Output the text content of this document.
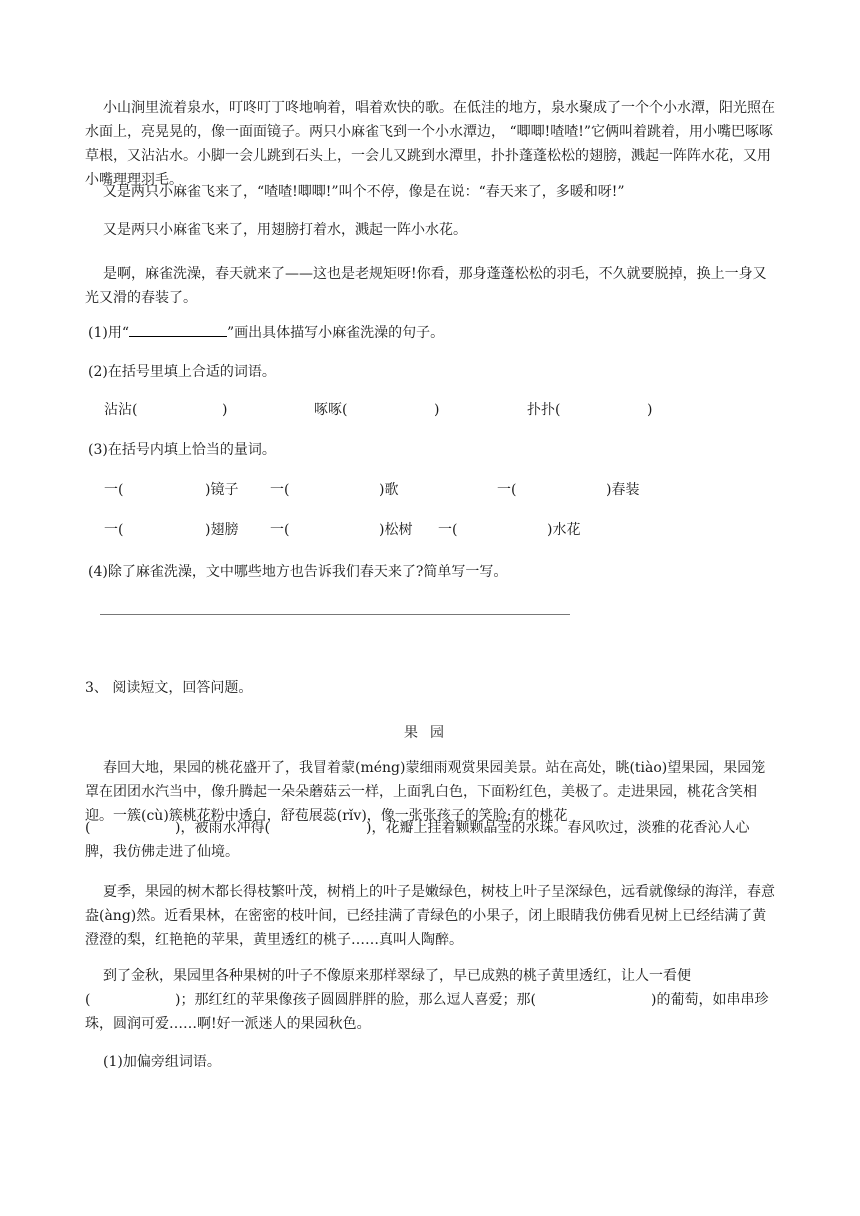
小山涧里流着泉水，叮咚叮丁咚地响着，唱着欢快的歌。在低洼的地方，泉水聚成了一个个小水潭，阳光照在水面上，亮晃晃的，像一面面镜子。两只小麻雀飞到一个小水潭边， “唧唧!喳喳!”它俩叫着跳着，用小嘴巴啄啄草根，又沾沾水。小脚一会儿跳到石头上，一会儿又跳到水潭里，扑扑蓬蓬松松的翅膀，溅起一阵阵水花，又用小嘴理理羽毛。

又是两只小麻雀飞来了，“喳喳!唧唧!”叫个不停，像是在说：“春天来了，多暖和呀!”

又是两只小麻雀飞来了，用翅膀打着水，溅起一阵小水花。

是啊，麻雀洗澡，春天就来了——这也是老规矩呀!你看，那身蓬蓬松松的羽毛，不久就要脱掉，换上一身又光又滑的春装了。

(1)用“	”画出具体描写小麻雀洗澡的句子。
(2)在括号里填上合适的词语。
沾沾(	)	啄啄(	)	扑扑(	)
(3)在括号内填上恰当的量词。
一(	)镜子 一(	)歌	一(	)春装
一(	)翅膀 一(	)松树 一(	)水花
(4)除了麻雀洗澡，文中哪些地方也告诉我们春天来了?简单写一写。
3、 阅读短文，回答问题。
果园

春回大地，果园的桃花盛开了，我冒着蒙(méng)蒙细雨观赏果园美景。站在高处，眺(tiào)望果园，果园笼罩在团团水汽当中，像升腾起一朵朵蘑菇云一样，上面乳白色，下面粉红色，美极了。走进果园，桃花含笑相迎。一簇(cù)簇桃花粉中透白，舒苞展蕊(rǐv)，像一张张孩子的笑脸;有的桃花

(	)，被雨水冲得(	)，花瓣上挂着颗颗晶莹的水珠。春风吹过，淡雅的花香沁人心
脾，我仿佛走进了仙境。

夏季，果园的树木都长得枝繁叶茂，树梢上的叶子是嫩绿色，树枝上叶子呈深绿色，远看就像绿的海洋，春意盎(àng)然。近看果林，在密密的枝叶间，已经挂满了青绿色的小果子，闭上眼睛我仿佛看见树上已经结满了黄澄澄的梨，红艳艳的苹果，黄里透红的桃子……真叫人陶醉。

到了金秋，果园里各种果树的叶子不像原来那样翠绿了，早已成熟的桃子黄里透红，让人一看便
(	)；那红红的苹果像孩子圆圆胖胖的脸，那么逗人喜爱；那(	)的葡萄，如串串珍
珠，圆润可爱……啊!好一派迷人的果园秋色。
(1)加偏旁组词语。
